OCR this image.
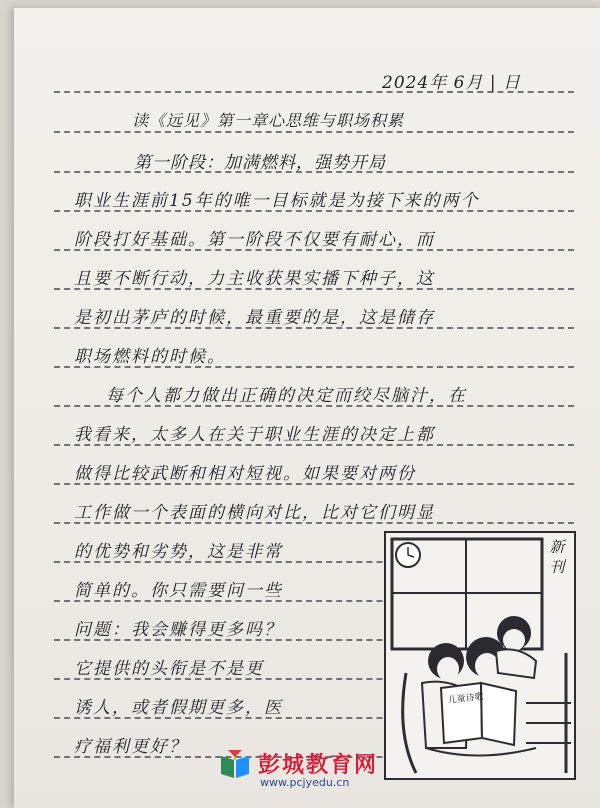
2024年 6月 | 日
读《远见》第一章心思维与职场积累
第一阶段：加满燃料，强势开局
职业生涯前15年的唯一目标就是为接下来的两个
阶段打好基础。第一阶段不仅要有耐心，而
且要不断行动，力主收获果实播下种子，这
是初出茅庐的时候，最重要的是，这是储存
职场燃料的时候。
每个人都力做出正确的决定而绞尽脑汁，在
我看来，太多人在关于职业生涯的决定上都
做得比较武断和相对短视。如果要对两份
工作做一个表面的横向对比，比对它们明显
的优势和劣势，这是非常
简单的。你只需要问一些
问题：我会赚得更多吗？
它提供的头衔是不是更
诱人，或者假期更多，医
疗福利更好？
新刊
儿童诗歌
彭城教育网
www.pcjyedu.cn
